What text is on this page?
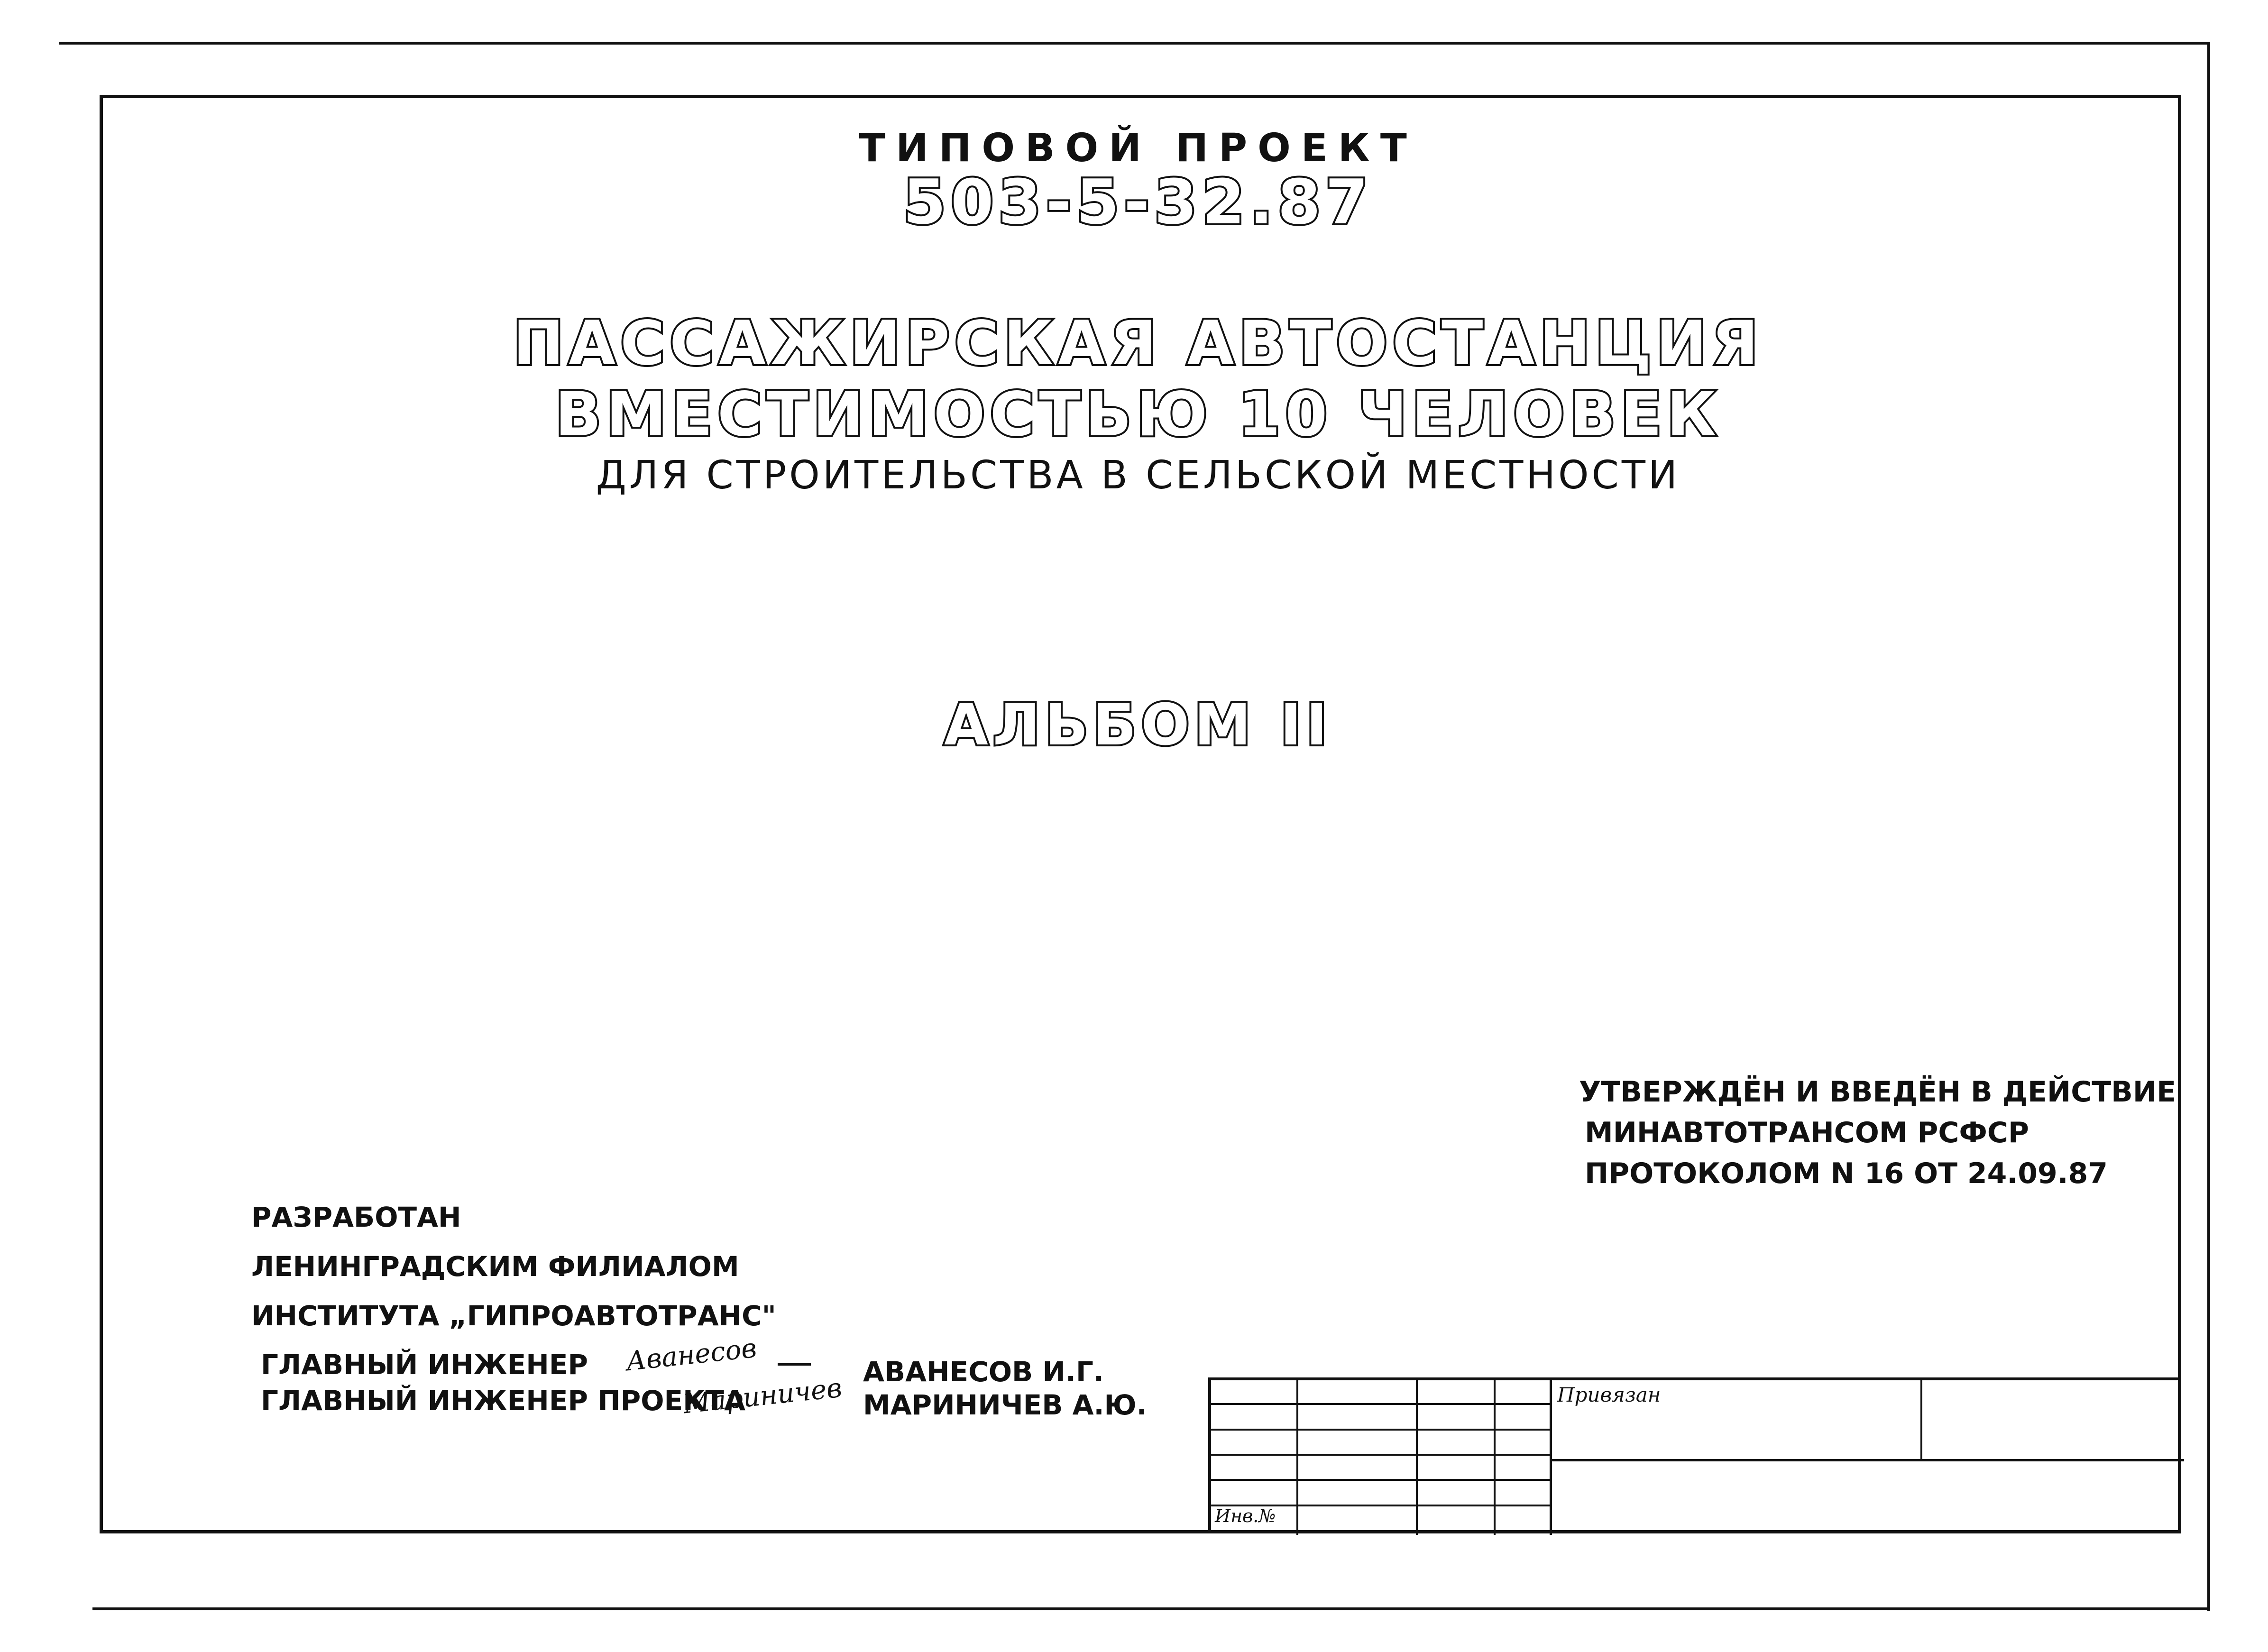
ТИПОВОЙ ПРОЕКТ
503-5-32.87
ПАССАЖИРСКАЯ АВТОСТАНЦИЯ
ВМЕСТИМОСТЬЮ 10 ЧЕЛОВЕК
ДЛЯ СТРОИТЕЛЬСТВА В СЕЛЬСКОЙ МЕСТНОСТИ
АЛЬБОМ II
УТВЕРЖДЁН И ВВЕДЁН В ДЕЙСТВИЕ
МИНАВТОТРАНСОМ РСФСР
ПРОТОКОЛОМ N 16 ОТ 24.09.87
РАЗРАБОТАН
ЛЕНИНГРАДСКИМ ФИЛИАЛОМ
ИНСТИТУТА „ГИПРОАВТОТРАНС"
ГЛАВНЫЙ ИНЖЕНЕР
ГЛАВНЫЙ ИНЖЕНЕР ПРОЕКТА
Аванесов
Мариничев
АВАНЕСОВ И.Г.
МАРИНИЧЕВ А.Ю.	Привязан
Инв.№
